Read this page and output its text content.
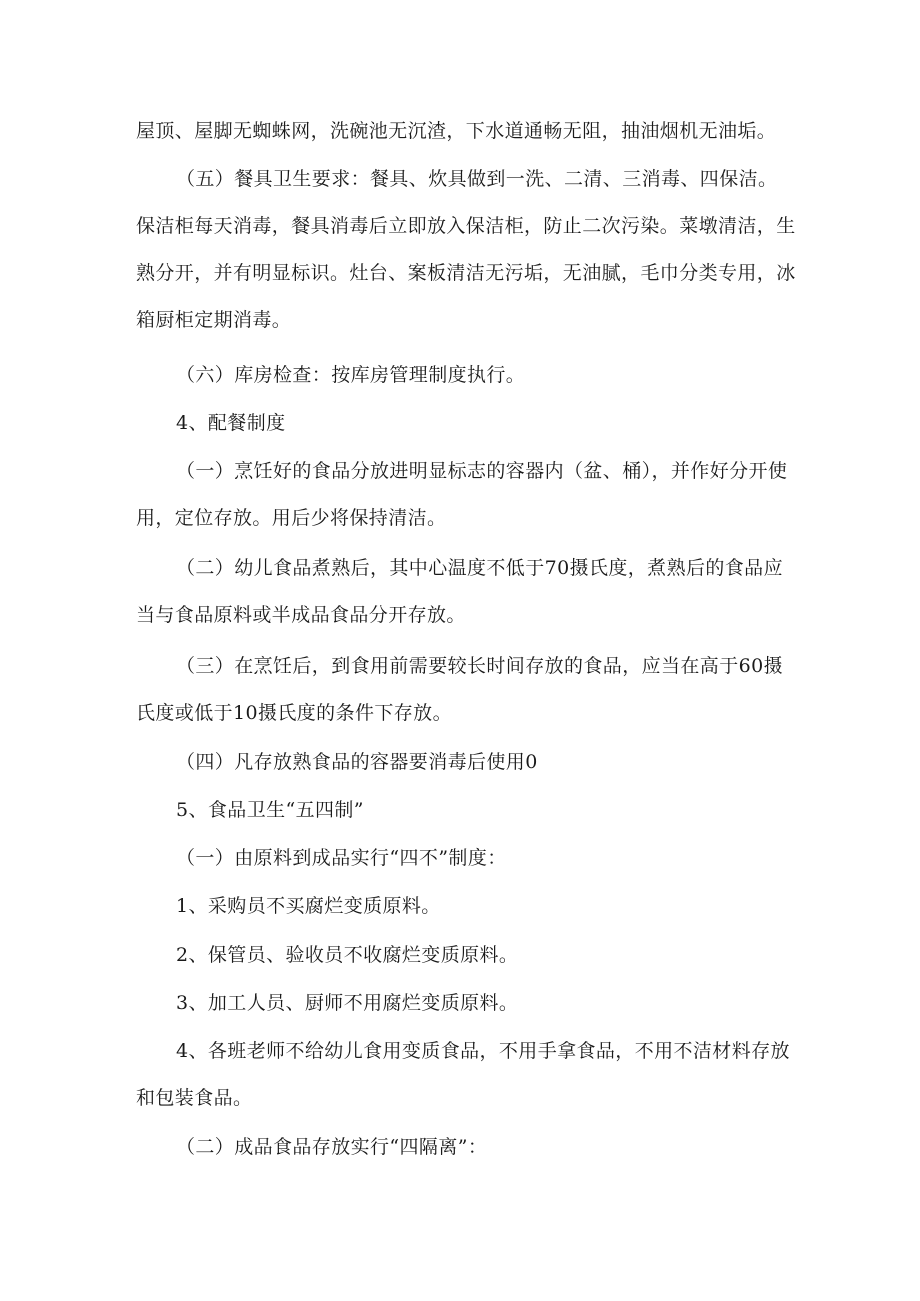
屋顶、屋脚无蜘蛛网，洗碗池无沉渣，下水道通畅无阻，抽油烟机无油垢。

（五）餐具卫生要求：餐具、炊具做到一洗、二清、三消毒、四保洁。保洁柜每天消毒，餐具消毒后立即放入保洁柜，防止二次污染。菜墩清洁，生熟分开，并有明显标识。灶台、案板清洁无污垢，无油腻，毛巾分类专用，冰箱厨柜定期消毒。

（六）库房检查：按库房管理制度执行。

4、配餐制度

（一）烹饪好的食品分放进明显标志的容器内（盆、桶），并作好分开使用，定位存放。用后少将保持清洁。

（二）幼儿食品煮熟后，其中心温度不低于70摄氏度，煮熟后的食品应当与食品原料或半成品食品分开存放。

（三）在烹饪后，到食用前需要较长时间存放的食品，应当在高于60摄氏度或低于10摄氏度的条件下存放。

（四）凡存放熟食品的容器要消毒后使用0

5、食品卫生“五四制”

（一）由原料到成品实行“四不”制度：

1、采购员不买腐烂变质原料。

2、保管员、验收员不收腐烂变质原料。

3、加工人员、厨师不用腐烂变质原料。

4、各班老师不给幼儿食用变质食品，不用手拿食品，不用不洁材料存放和包装食品。

（二）成品食品存放实行“四隔离”：
